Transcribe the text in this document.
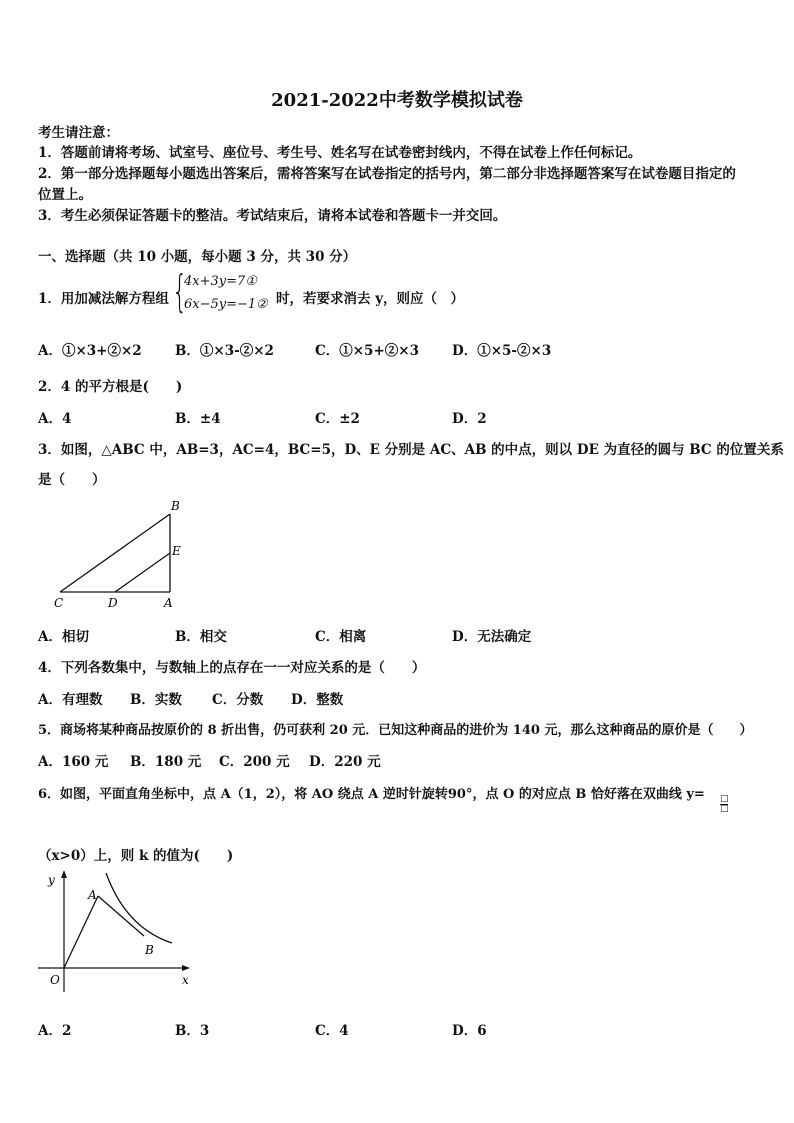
2021-2022中考数学模拟试卷
考生请注意：
1．答题前请将考场、试室号、座位号、考生号、姓名写在试卷密封线内，不得在试卷上作任何标记。
2．第一部分选择题每小题选出答案后，需将答案写在试卷指定的括号内，第二部分非选择题答案写在试卷题目指定的
位置上。
3．考生必须保证答题卡的整洁。考试结束后，请将本试卷和答题卡一并交回。
一、选择题（共 10 小题，每小题 3 分，共 30 分）
1．用加减法解方程组 {
4x+3y=7①
6x−5y=−1② 时，若要求消去 y，则应（　）
A．①×3+②×2 B．①×3-②×2	C．①×5+②×3 D．①×5-②×3
2．4 的平方根是(　　)
A．4	B．±4	C．±2	D．2
3．如图，△ABC 中，AB=3，AC=4，BC=5，D、E 分别是 AC、AB 的中点，则以 DE 为直径的圆与 BC 的位置关系
是（　　）
B
E
C	D	A
A．相切	B．相交	C．相离	D．无法确定
4．下列各数集中，与数轴上的点存在一一对应关系的是（　　）
A．有理数 B．实数 C．分数 D．整数
5．商场将某种商品按原价的 8 折出售，仍可获利 20 元．已知这种商品的进价为 140 元，那么这种商品的原价是（　　）
A．160 元 B．180 元 C．200 元 D．220 元
6．如图，平面直角坐标中，点 A（1，2），将 AO 绕点 A 逆时针旋转90°，点 O 的对应点 B 恰好落在双曲线 y= □
□
（x>0）上，则 k 的值为(　　)
y
A
B
O	x
A．2	B．3	C．4	D．6
